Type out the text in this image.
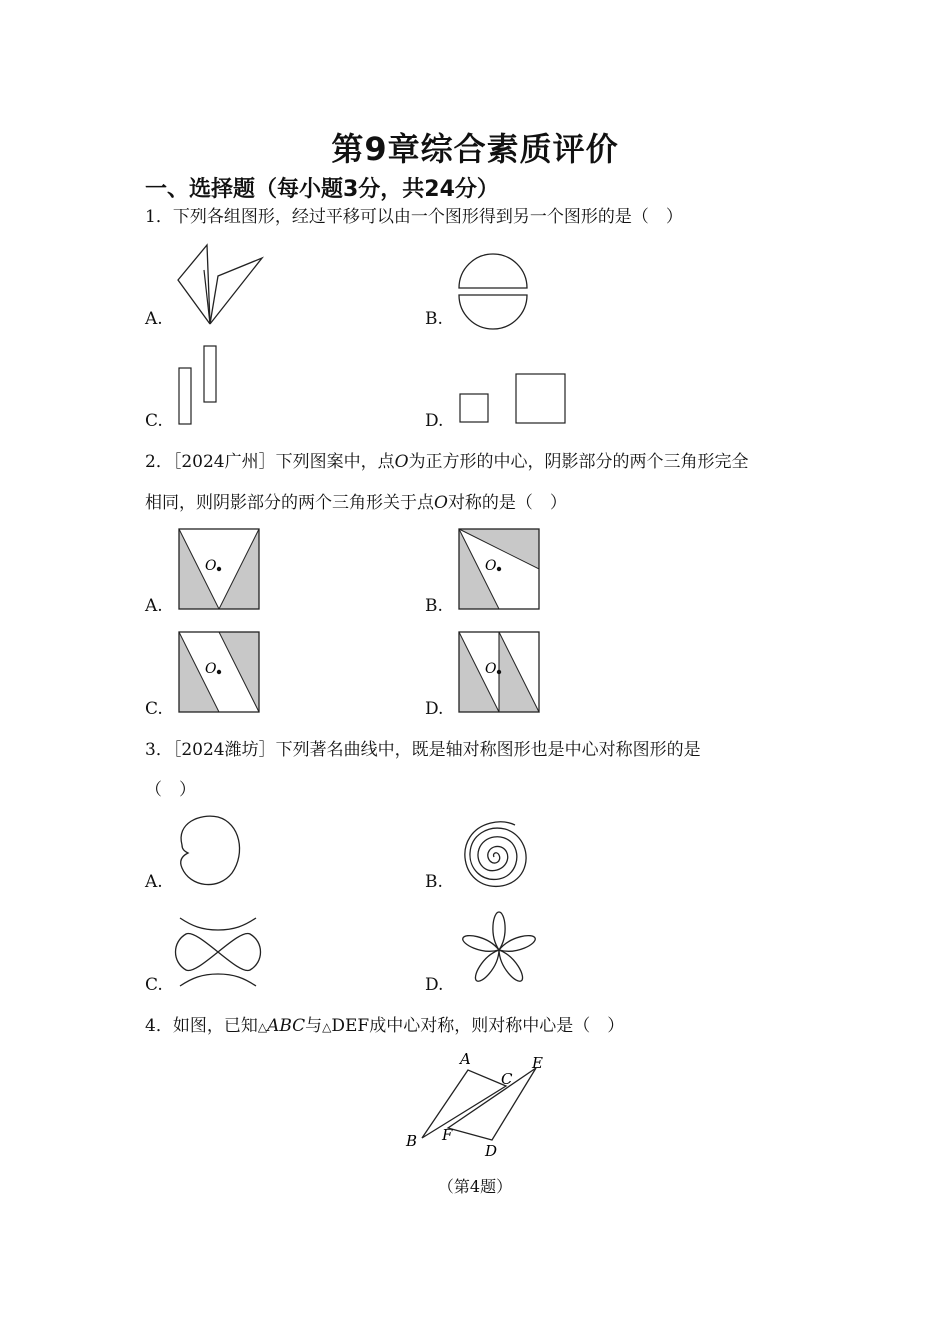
第9章综合素质评价
一、选择题（每小题3分，共24分）
1．下列各组图形，经过平移可以由一个图形得到另一个图形的是（　）
A.	B.
C.	D.
2．［2024广州］下列图案中，点O为正方形的中心，阴影部分的两个三角形完全
相同，则阴影部分的两个三角形关于点O对称的是（　）
A.	B.
C.	D.
O	O
O	O
3．［2024潍坊］下列著名曲线中，既是轴对称图形也是中心对称图形的是
（　）
A.	B.
C.	D.
4．如图，已知△ABC与△DEF成中心对称，则对称中心是（　）
A
B
C
D
E
F
（第4题）
